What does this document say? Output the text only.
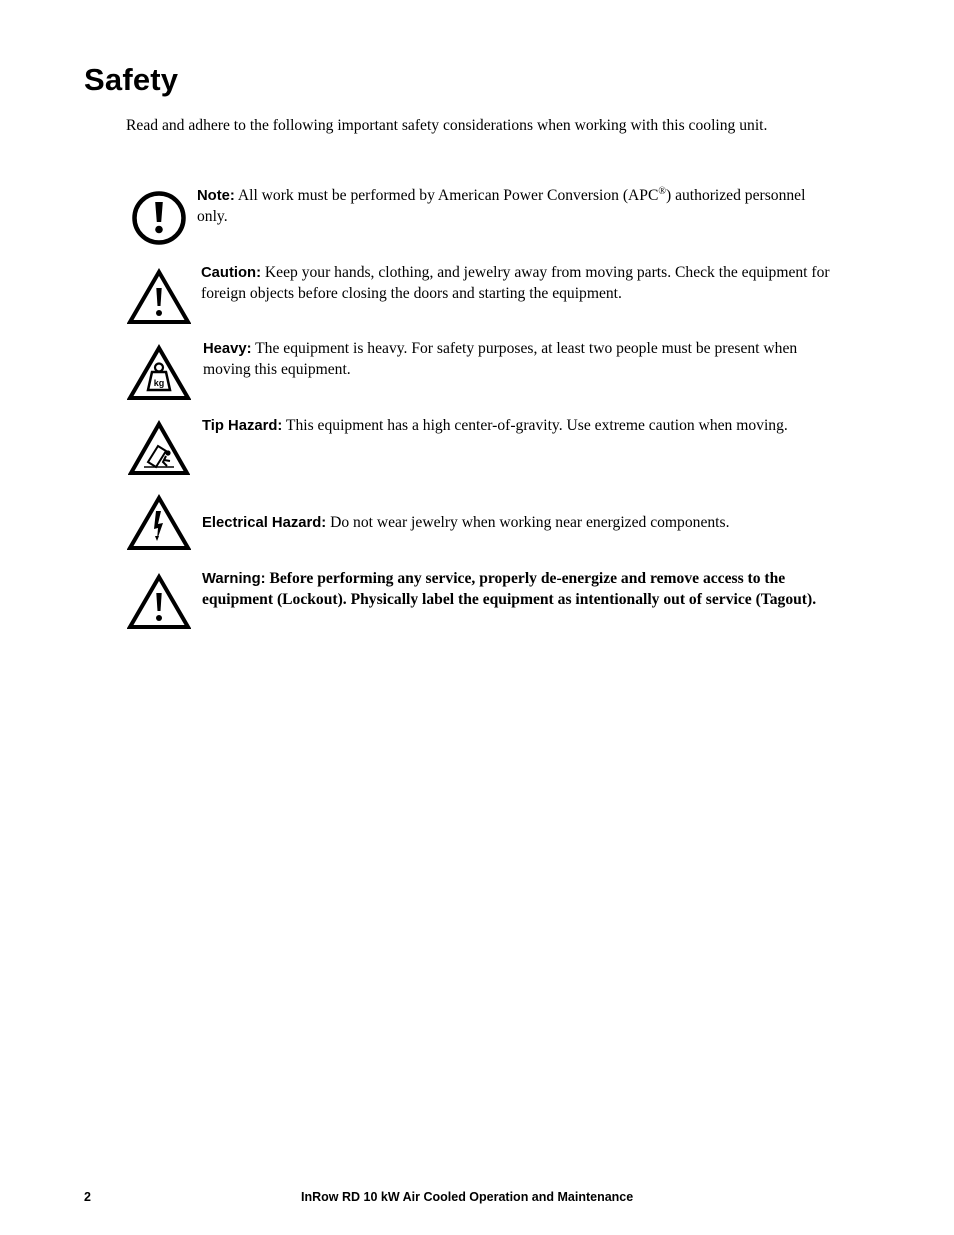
Safety

Read and adhere to the following important safety considerations when working with this cooling unit.

Note: All work must be performed by American Power Conversion (APC®) authorized personnel only.

Caution: Keep your hands, clothing, and jewelry away from moving parts. Check the equipment for foreign objects before closing the doors and starting the equipment.

kg

Heavy: The equipment is heavy. For safety purposes, at least two people must be present when moving this equipment.

Tip Hazard: This equipment has a high center-of-gravity. Use extreme caution when moving.

Electrical Hazard: Do not wear jewelry when working near energized components.

Warning: Before performing any service, properly de-energize and remove access to the equipment (Lockout). Physically label the equipment as intentionally out of service (Tagout).

2	InRow RD 10 kW Air Cooled Operation and Maintenance
